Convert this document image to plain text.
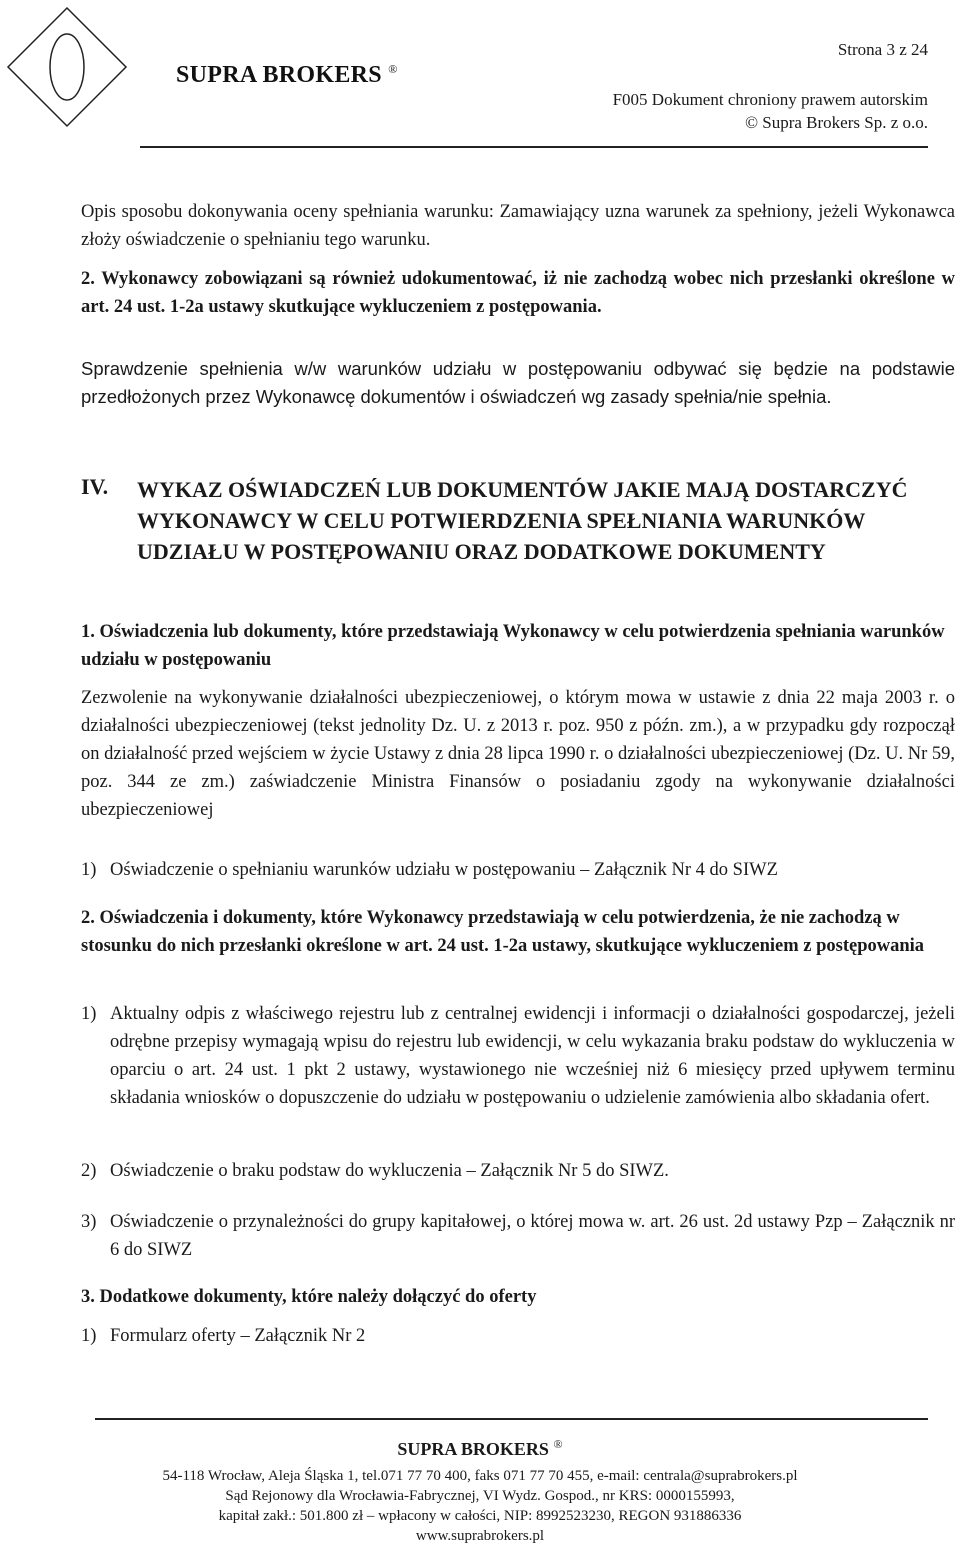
SUPRA BROKERS ®
Strona 3 z 24
F005 Dokument chroniony prawem autorskim
© Supra Brokers Sp. z o.o.

Opis sposobu dokonywania oceny spełniania warunku: Zamawiający uzna warunek za spełniony, jeżeli Wykonawca złoży oświadczenie o spełnianiu tego warunku.

2. Wykonawcy zobowiązani są również udokumentować, iż nie zachodzą wobec nich przesłanki określone w art. 24 ust. 1-2a ustawy skutkujące wykluczeniem z postępowania.

Sprawdzenie spełnienia w/w warunków udziału w postępowaniu odbywać się będzie na podstawie przedłożonych przez Wykonawcę dokumentów i oświadczeń wg zasady spełnia/nie spełnia.

IV. WYKAZ OŚWIADCZEŃ LUB DOKUMENTÓW JAKIE MAJĄ DOSTARCZYĆ WYKONAWCY W CELU POTWIERDZENIA SPEŁNIANIA WARUNKÓW UDZIAŁU W POSTĘPOWANIU ORAZ DODATKOWE DOKUMENTY

1. Oświadczenia lub dokumenty, które przedstawiają Wykonawcy w celu potwierdzenia spełniania warunków udziału w postępowaniu

Zezwolenie na wykonywanie działalności ubezpieczeniowej, o którym mowa w ustawie z dnia 22 maja 2003 r. o działalności ubezpieczeniowej (tekst jednolity Dz. U. z 2013 r. poz. 950 z późn. zm.), a w przypadku gdy rozpoczął on działalność przed wejściem w życie Ustawy z dnia 28 lipca 1990 r. o działalności ubezpieczeniowej (Dz. U. Nr 59, poz. 344 ze zm.) zaświadczenie Ministra Finansów o posiadaniu zgody na wykonywanie działalności ubezpieczeniowej

1) Oświadczenie o spełnianiu warunków udziału w postępowaniu – Załącznik Nr 4 do SIWZ

2. Oświadczenia i dokumenty, które Wykonawcy przedstawiają w celu potwierdzenia, że nie zachodzą w stosunku do nich przesłanki określone w art. 24 ust. 1-2a ustawy, skutkujące wykluczeniem z postępowania

1) Aktualny odpis z właściwego rejestru lub z centralnej ewidencji i informacji o działalności gospodarczej, jeżeli odrębne przepisy wymagają wpisu do rejestru lub ewidencji, w celu wykazania braku podstaw do wykluczenia w oparciu o art. 24 ust. 1 pkt 2 ustawy, wystawionego nie wcześniej niż 6 miesięcy przed upływem terminu składania wniosków o dopuszczenie do udziału w postępowaniu o udzielenie zamówienia albo składania ofert.
2) Oświadczenie o braku podstaw do wykluczenia – Załącznik Nr 5 do SIWZ.
3) Oświadczenie o przynależności do grupy kapitałowej, o której mowa w. art. 26 ust. 2d ustawy Pzp – Załącznik nr 6 do SIWZ

3. Dodatkowe dokumenty, które należy dołączyć do oferty

1) Formularz oferty – Załącznik Nr 2
SUPRA BROKERS ®
54-118 Wrocław, Aleja Śląska 1, tel.071 77 70 400, faks 071 77 70 455, e-mail: centrala@suprabrokers.pl
Sąd Rejonowy dla Wrocławia-Fabrycznej, VI Wydz. Gospod., nr KRS: 0000155993,
kapitał zakł.: 501.800 zł – wpłacony w całości, NIP: 8992523230, REGON 931886336
www.suprabrokers.pl
